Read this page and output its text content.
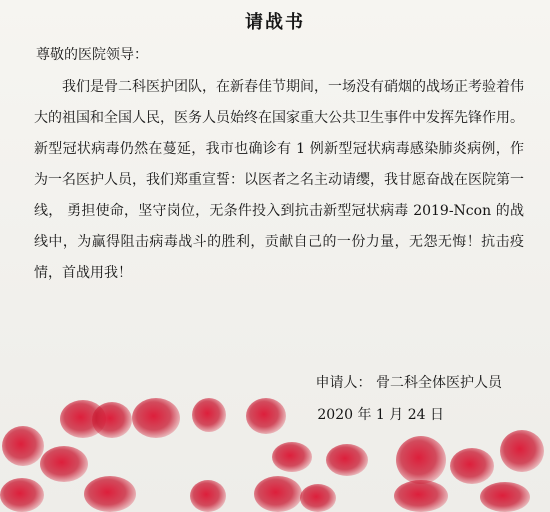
请战书
尊敬的医院领导：

我们是骨二科医护团队，在新春佳节期间，一场没有硝烟的战场正考验着伟大的祖国和全国人民，医务人员始终在国家重大公共卫生事件中发挥先锋作用。新型冠状病毒仍然在蔓延，我市也确诊有 1 例新型冠状病毒感染肺炎病例，作为一名医护人员，我们郑重宣誓：以医者之名主动请缨，我甘愿奋战在医院第一线， 勇担使命，坚守岗位，无条件投入到抗击新型冠状病毒 2019-Ncon 的战线中，为赢得阻击病毒战斗的胜利，贡献自己的一份力量，无怨无悔！抗击疫情，首战用我！

申请人： 骨二科全体医护人员
2020 年 1 月 24 日
